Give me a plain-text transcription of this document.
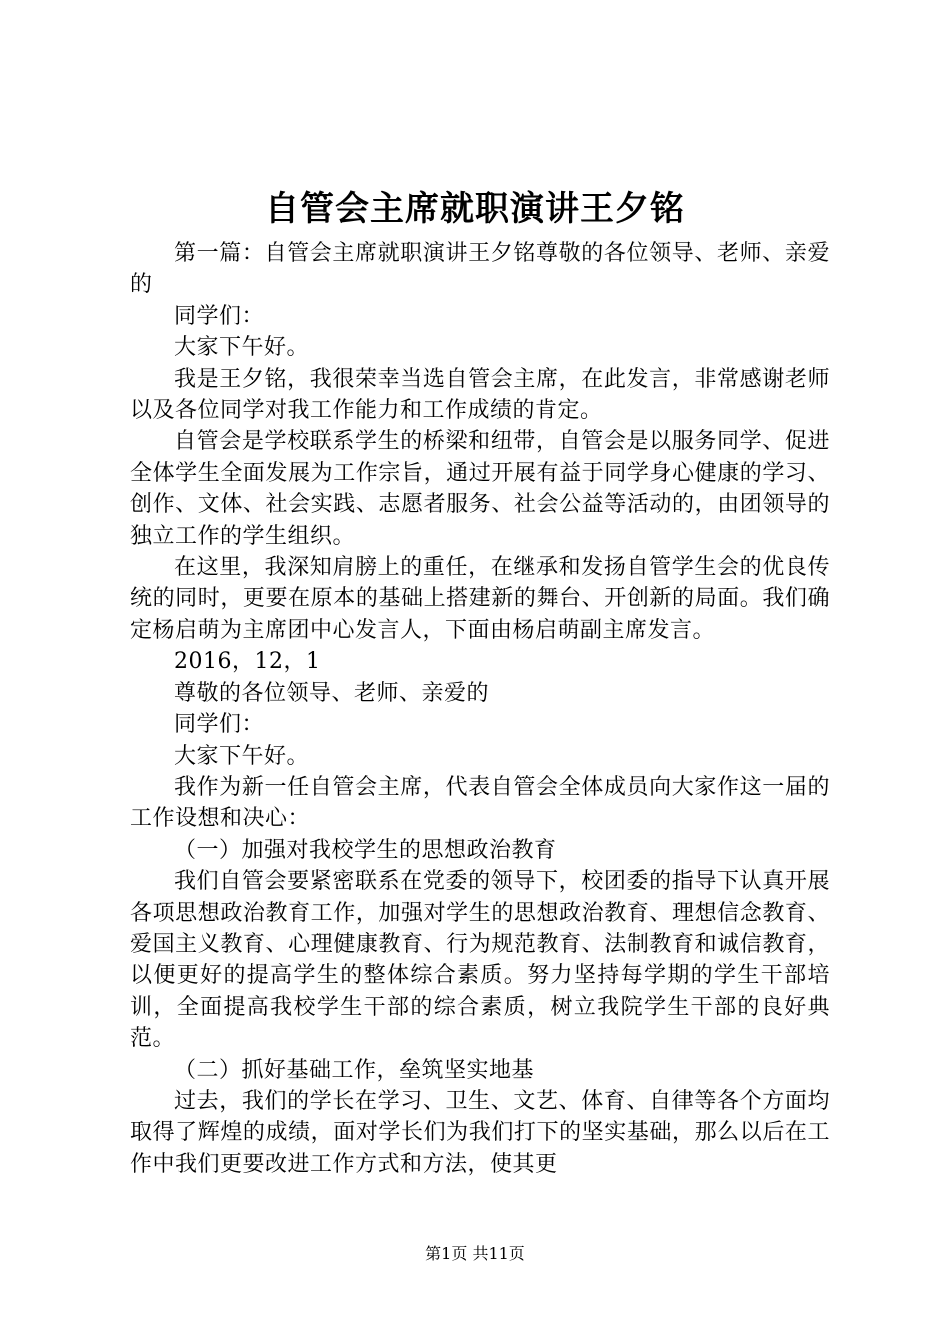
自管会主席就职演讲王夕铭

第一篇：自管会主席就职演讲王夕铭尊敬的各位领导、老师、亲爱的

同学们：

大家下午好。

我是王夕铭，我很荣幸当选自管会主席，在此发言，非常感谢老师以及各位同学对我工作能力和工作成绩的肯定。

自管会是学校联系学生的桥梁和纽带，自管会是以服务同学、促进全体学生全面发展为工作宗旨，通过开展有益于同学身心健康的学习、创作、文体、社会实践、志愿者服务、社会公益等活动的，由团领导的独立工作的学生组织。

在这里，我深知肩膀上的重任，在继承和发扬自管学生会的优良传统的同时，更要在原本的基础上搭建新的舞台、开创新的局面。我们确定杨启萌为主席团中心发言人，下面由杨启萌副主席发言。

2016，12，1

尊敬的各位领导、老师、亲爱的

同学们：

大家下午好。

我作为新一任自管会主席，代表自管会全体成员向大家作这一届的工作设想和决心：

（一）加强对我校学生的思想政治教育

我们自管会要紧密联系在党委的领导下，校团委的指导下认真开展各项思想政治教育工作，加强对学生的思想政治教育、理想信念教育、爱国主义教育、心理健康教育、行为规范教育、法制教育和诚信教育，以便更好的提高学生的整体综合素质。努力坚持每学期的学生干部培训，全面提高我校学生干部的综合素质，树立我院学生干部的良好典范。

（二）抓好基础工作，垒筑坚实地基

过去，我们的学长在学习、卫生、文艺、体育、自律等各个方面均取得了辉煌的成绩，面对学长们为我们打下的坚实基础，那么以后在工作中我们更要改进工作方式和方法，使其更

第1页 共11页
